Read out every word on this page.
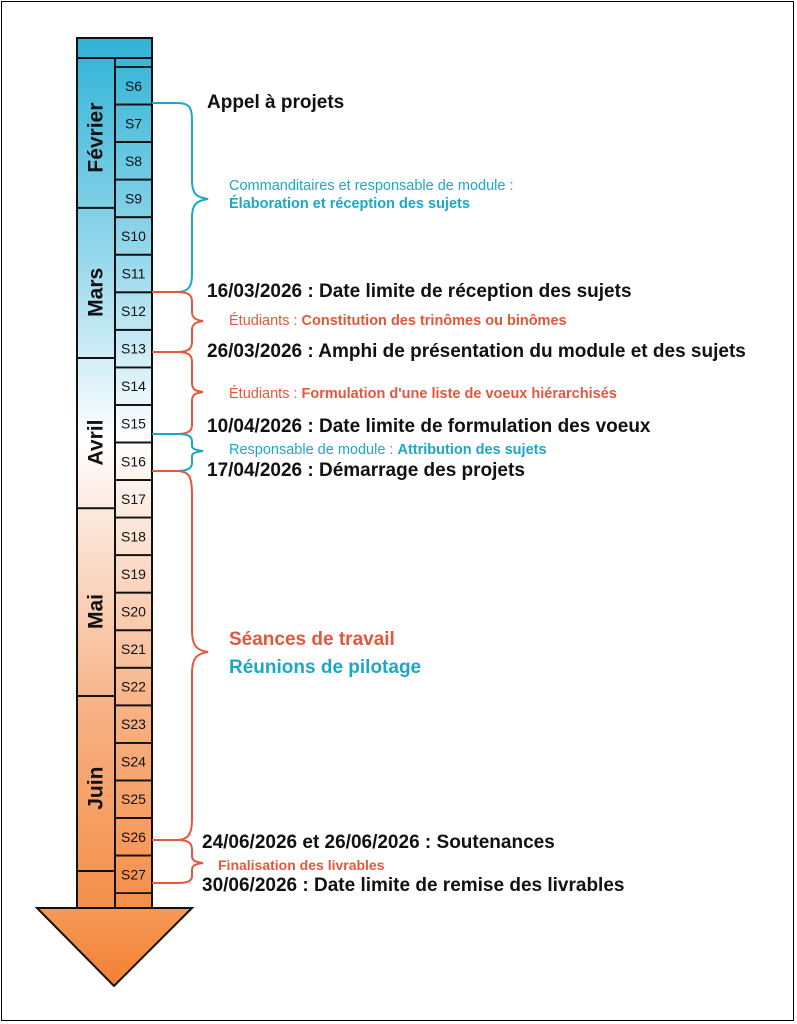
Février
Mars
Avril
Mai
Juin
S6
S7
S8
S9
S10
S11
S12
S13
S14
S15
S16
S17
S18
S19
S20
S21
S22
S23
S24
S25
S26
S27
Appel à projets
16/03/2026 : Date limite de réception des sujets
26/03/2026 : Amphi de présentation du module et des sujets
10/04/2026 : Date limite de formulation des voeux
17/04/2026 : Démarrage des projets
24/06/2026 et 26/06/2026 : Soutenances
30/06/2026 : Date limite de remise des livrables
Commanditaires et responsable de module :
Élaboration et réception des sujets
Étudiants : Constitution des trinômes ou binômes
Étudiants : Formulation d'une liste de voeux hiérarchisés
Responsable de module : Attribution des sujets
Séances de travail
Réunions de pilotage
Finalisation des livrables
